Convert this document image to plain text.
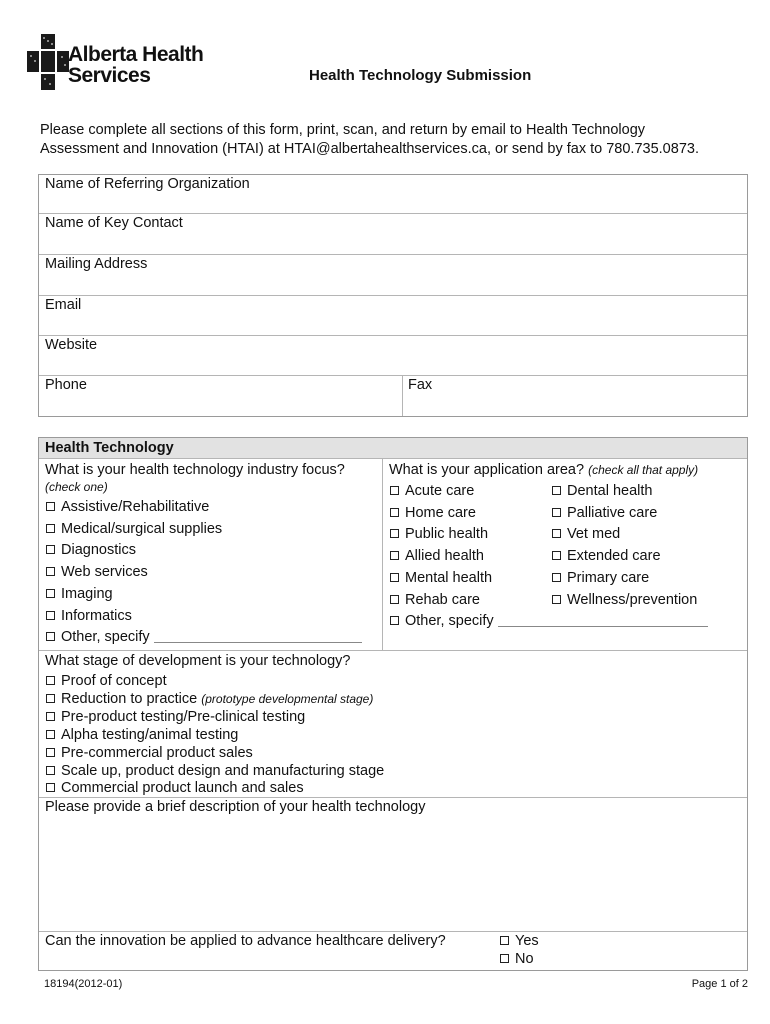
Alberta Health
Services	Health Technology Submission
Please complete all sections of this form, print, scan, and return by email to Health Technology
Assessment and Innovation (HTAI) at HTAI@albertahealthservices.ca, or send by fax to 780.735.0873.
Name of Referring Organization
Name of Key Contact
Mailing Address
Email
Website
Phone	Fax
Health Technology
What is your health technology industry focus?
(check one)
Assistive/Rehabilitative
Medical/surgical supplies
Diagnostics
Web services
Imaging
Informatics
Other, specify
What is your application area? (check all that apply)
Acute care
Home care
Public health
Allied health
Mental health
Rehab care
Other, specify
Dental health
Palliative care
Vet med
Extended care
Primary care
Wellness/prevention
What stage of development is your technology?
Proof of concept
Reduction to practice (prototype developmental stage)
Pre-product testing/Pre-clinical testing
Alpha testing/animal testing
Pre-commercial product sales
Scale up, product design and manufacturing stage
Commercial product launch and sales
Please provide a brief description of your health technology
Can the innovation be applied to advance healthcare delivery?	Yes
No
18194(2012-01)	Page 1 of 2
